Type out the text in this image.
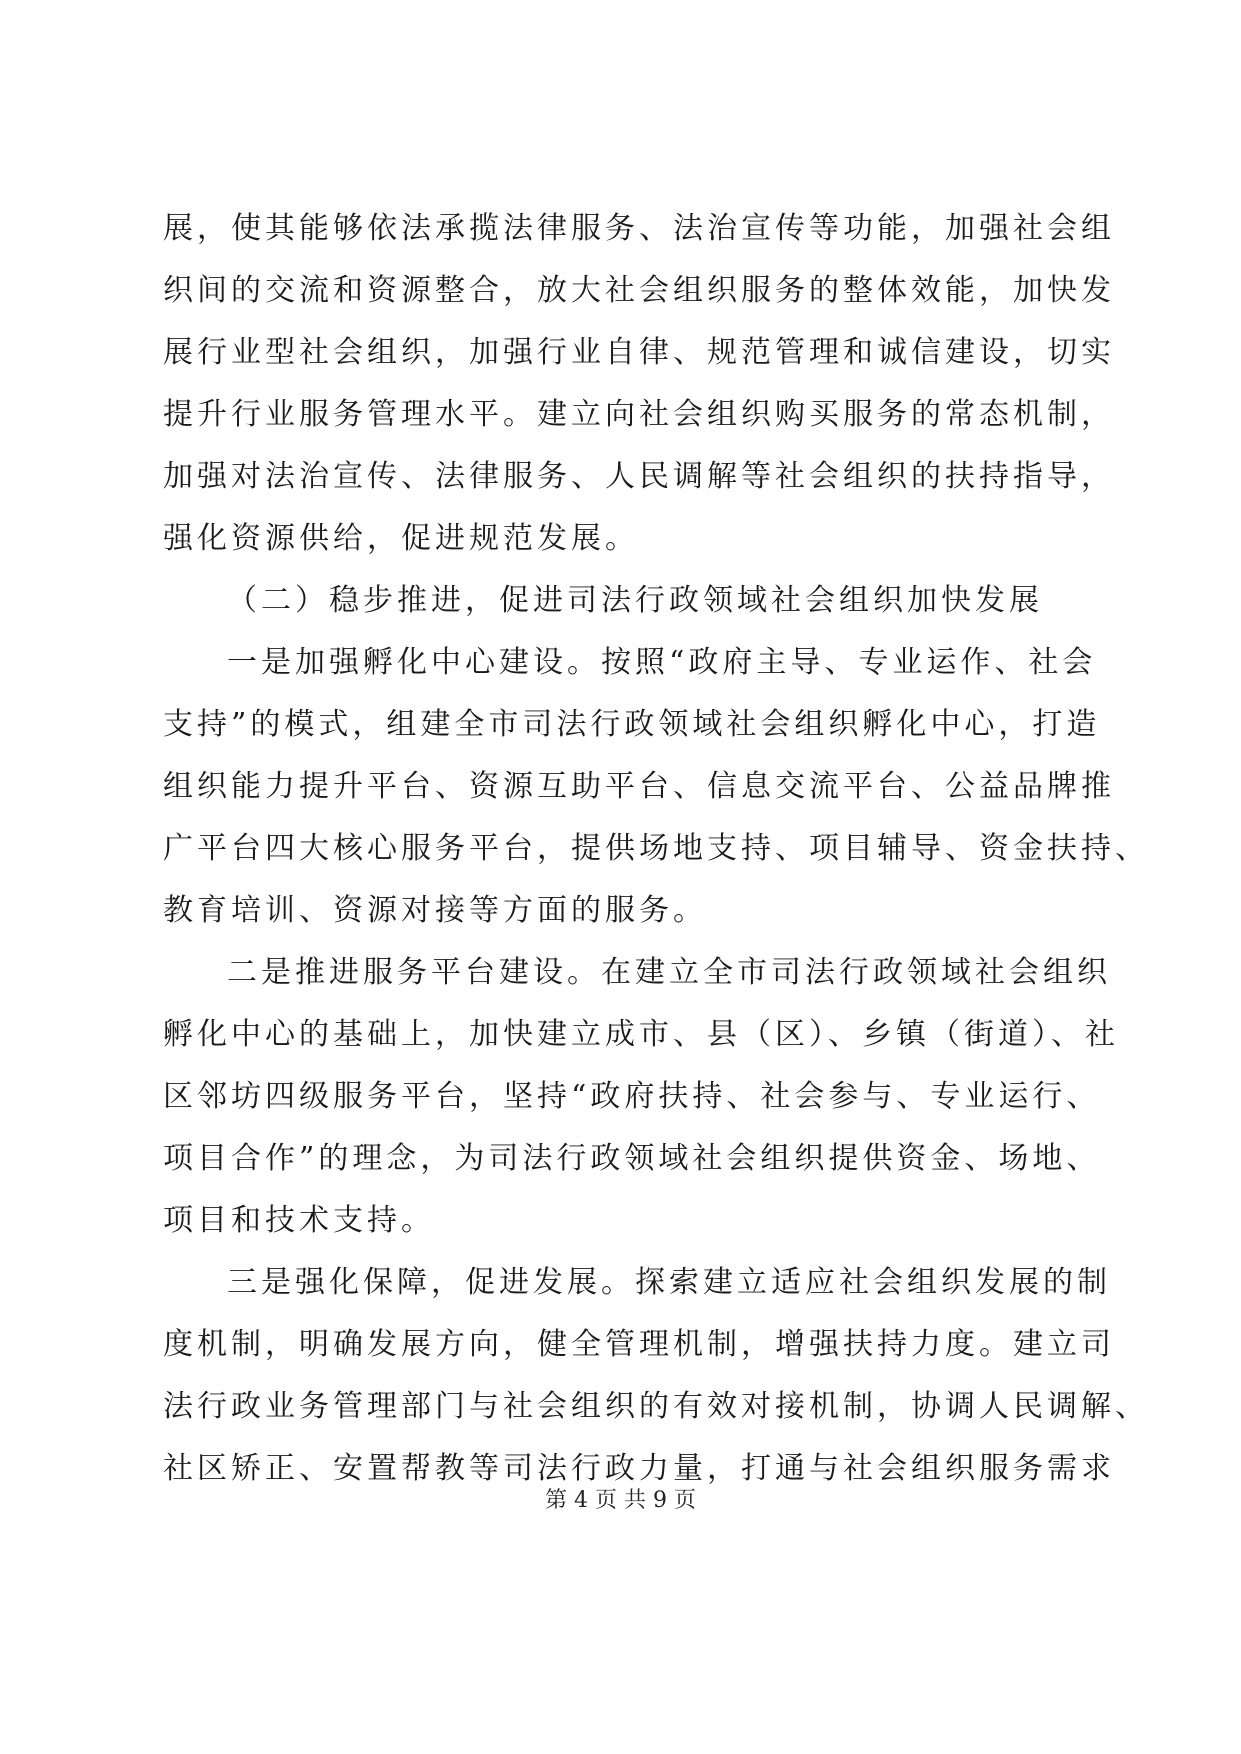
展，使其能够依法承揽法律服务、法治宣传等功能，加强社会组
织间的交流和资源整合，放大社会组织服务的整体效能，加快发
展行业型社会组织，加强行业自律、规范管理和诚信建设，切实
提升行业服务管理水平。建立向社会组织购买服务的常态机制，
加强对法治宣传、法律服务、人民调解等社会组织的扶持指导，
强化资源供给，促进规范发展。
（二）稳步推进，促进司法行政领域社会组织加快发展
一是加强孵化中心建设。按照“政府主导、专业运作、社会
支持”的模式，组建全市司法行政领域社会组织孵化中心，打造
组织能力提升平台、资源互助平台、信息交流平台、公益品牌推
广平台四大核心服务平台，提供场地支持、项目辅导、资金扶持、
教育培训、资源对接等方面的服务。
二是推进服务平台建设。在建立全市司法行政领域社会组织
孵化中心的基础上，加快建立成市、县（区）、乡镇（街道）、社
区邻坊四级服务平台，坚持“政府扶持、社会参与、专业运行、
项目合作”的理念，为司法行政领域社会组织提供资金、场地、
项目和技术支持。
三是强化保障，促进发展。探索建立适应社会组织发展的制
度机制，明确发展方向，健全管理机制，增强扶持力度。建立司
法行政业务管理部门与社会组织的有效对接机制，协调人民调解、
社区矫正、安置帮教等司法行政力量，打通与社会组织服务需求
第 4 页 共 9 页
